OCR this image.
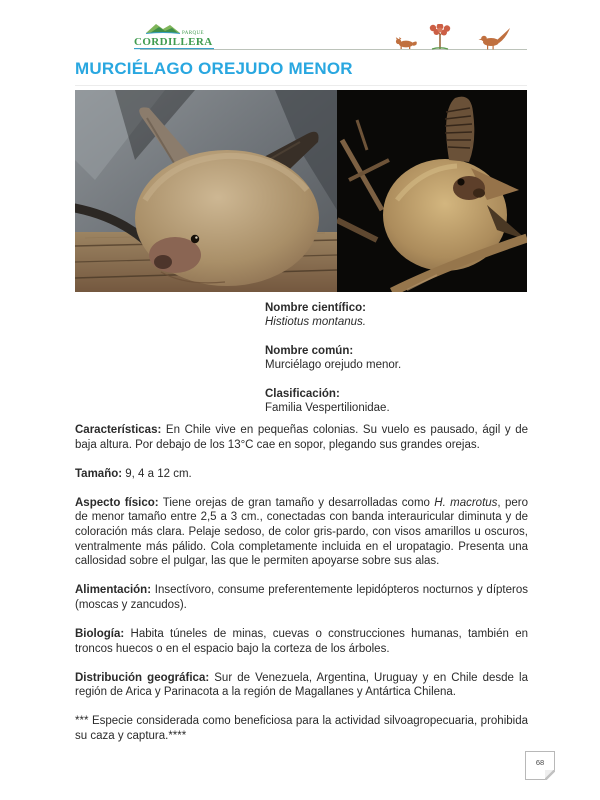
PARQUE
CORDILLERA
MURCIÉLAGO OREJUDO MENOR
Nombre científico:
Histiotus montanus.
Nombre común:
Murciélago orejudo menor.
Clasificación:
Familia Vespertilionidae.

Características: En Chile vive en pequeñas colonias. Su vuelo es pausado, ágil y de baja altura. Por debajo de los 13°C cae en sopor, plegando sus grandes orejas.

Tamaño: 9, 4 a 12 cm.

Aspecto físico: Tiene orejas de gran tamaño y desarrolladas como H. macrotus, pero de menor tamaño entre 2,5 a 3 cm., conectadas con banda interauricular diminuta y de coloración más clara. Pelaje sedoso, de color gris-pardo, con visos amarillos u oscuros, ventralmente más pálido. Cola completamente incluida en el uropatagio. Presenta una callosidad sobre el pulgar, las que le permiten apoyarse sobre sus alas.

Alimentación: Insectívoro, consume preferentemente lepidópteros nocturnos y dípteros (moscas y zancudos).

Biología: Habita túneles de minas, cuevas o construcciones humanas, también en troncos huecos o en el espacio bajo la corteza de los árboles.

Distribución geográfica: Sur de Venezuela, Argentina, Uruguay y en Chile desde la región de Arica y Parinacota a la región de Magallanes y Antártica Chilena.

*** Especie considerada como beneficiosa para la actividad silvoagropecuaria, prohibida su caza y captura.****

68
